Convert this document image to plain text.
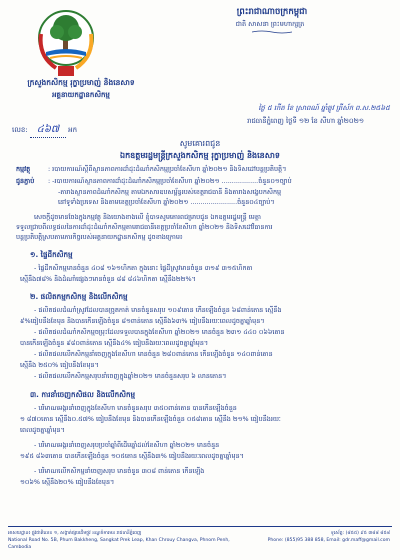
ព្រះរាជាណាចក្រកម្ពុជា
ជាតិ សាសនា ព្រះមហាក្សត្រ
ក្រសួងកសិកម្ម រុក្ខាប្រមាញ់ និងនេសាទ
អគ្គនាយកដ្ឋានកសិកម្ម
លេខ: ៤៦៧ អក
ថ្ងៃ ៥ កើត ខែ ស្រាពណ៍ ឆ្នាំឆ្លូវ ត្រីស័ក ព.ស.២៥៦៥
រាជធានីភ្នំពេញ ថ្ងៃទី ១២ ខែ សីហា ឆ្នាំ២០២១
សូមគោរពជូន
ឯកឧត្តមរដ្ឋមន្ត្រីក្រសួងកសិកម្ម រុក្ខាប្រមាញ់ និងនេសាទ
កម្មវត្ថុ	: របាយការណ៍ស្តីពីស្ថានភាពការដាំដុះដំណាំកសិកម្មប្រចាំខែសីហា ឆ្នាំ២០២១ និងទិសដៅបន្តប្រតិបត្តិ។
ជូនភ្ជាប់ : -របាយការណ៍ស្ថានភាពការដាំដុះដំណាំកសិកម្មប្រចាំខែសីហា ឆ្នាំ២០២១ ..................ចំនួន០១ច្បាប់
-តារាងស្ថានភាពដំណាំកសិកម្ម តាមឯកសារឧបសម្ព័ន្ធរបស់ខេត្តរាជធានី និងតារាងសង្ខេបកសិកម្ម
នៅទូទាំងប្រទេស និងតាមខេត្តប្រចាំខែសីហា ឆ្នាំ២០២១ .......................ចំនួន០៤ច្បាប់។
សេចក្តីដូចមានចែងក្នុងកម្មវត្ថុ និងយោងខាងលើ ខ្ញុំបាទសូមគោរពជម្រាបជូន ឯកឧត្តមរដ្ឋមន្ត្រី មេត្តា
ទទួលជ្រាបពីលទ្ធផលនៃការដាំដុះដំណាំកសិកម្មតាមរាជធានីខេត្តប្រចាំខែសីហា ឆ្នាំ២០២១ និងទិសដៅវិធានការ
បន្តប្រតិបត្តិស្របតាមភារកិច្ចរបស់អគ្គនាយកដ្ឋានកសិកម្ម ដូចខាងក្រោម៖
១. ផ្ទៃដីកសិកម្ម
- ផ្ទៃដីកសិកម្មមានចំនួន ៤០៨ ១៦១ហិកតា ក្នុងនោះ ផ្ទៃដីស្រូវមានចំនួន ៣១៩ ៣១៥ហិកតា
ស្មើនឹង៧៨% និងដំណាំផ្សេងៗមានចំនួន ៨៨ ៨៤៦ហិកតា ស្មើនឹង២២%។
២. ផលិតកម្មកសិកម្ម និងលើកសិកម្ម
- ផលិតផលដំណាំស្រូវដែលបានច្រូតកាត់ មានចំនួនសរុប ១០៩តោន កើនឡើងចំនួន ៦៨ពាន់តោន ស្មើនឹង
៩%ធៀបនឹងខែមុន និងបានកើនឡើងចំនួន ៨១ពាន់តោន ស្មើនឹង៦៣% ធៀបនឹងរយៈពេលដូចគ្នាឆ្នាំមុន។
- ផលិតផលដំណាំកសិកម្មចម្រុះដែលទទួលបានក្នុងខែសីហា ឆ្នាំ២០២១ មានចំនួន ២៣១ ៤៤០ ០៦៦តោន
បានកើនឡើងចំនួន ៩៨០ពាន់តោន ស្មើនឹង៤% ធៀបនឹងរយៈពេលដូចគ្នាឆ្នាំមុន។
- ផលិតផលលើកសិកម្មនាំចេញក្នុងខែសីហា មានចំនួន ២៨០ពាន់តោន កើនឡើងចំនួន ១៤០ពាន់តោន
ស្មើនឹង ២៥០% ធៀបនឹងខែមុន។
- ផលិតផលលើកសិកម្មសរុបនាំចេញក្នុងឆ្នាំ២០២១ មានចំនួនសរុប ៦ លានតោន។
៣. ការនាំចេញកសិផល និងលើកសិកម្ម
- បរិមាណអង្ករនាំចេញក្នុងខែសីហា មានចំនួនសរុប ៣៥០ពាន់តោន បានកើនឡើងចំនួន
១ ៨៧០តោន ស្មើនឹង០.៥៧% ធៀបនឹងខែមុន និងបានកើនឡើងចំនួន ០៥៨តោន ស្មើនឹង ២១% ធៀបនឹងរយៈ
ពេលដូចគ្នាឆ្នាំមុន។
- បរិមាណអង្ករនាំចេញសរុបប្រចាំឆ្នាំពីដើមឆ្នាំដល់ខែសីហា ឆ្នាំ២០២១ មានចំនួន
១៩៥ ៨៦៣តោន បានកើនឡើងចំនួន ១០៥តោន ស្មើនឹង៣% ធៀបនឹងរយៈពេលដូចគ្នាឆ្នាំមុន។
- បរិមាណលើកសិកម្មនាំចេញសរុប មានចំនួន ៣០៨ ពាន់តោន កើនឡើង
១០៦% ស្មើនឹង២០% ធៀបនឹងខែមុន។
អាសយដ្ឋាន៖ ផ្លូវជាតិលេខ ១, សង្កាត់ផ្សារដើមថ្កូវ ខណ្ឌចំការមន រាជធានីភ្នំពេញ
National Road No. 5B, Phum Bakkheng, Sangkat Prek Leap, Khan Chrouy Changva, Phnom Penh, Cambodia
ទូរស័ព្ទ: (៨៥៥) ៩៥ ៣៨៨ ៨៥៨
Phone: (855)95 388 858, Email: gdr.maff@gmail.com
